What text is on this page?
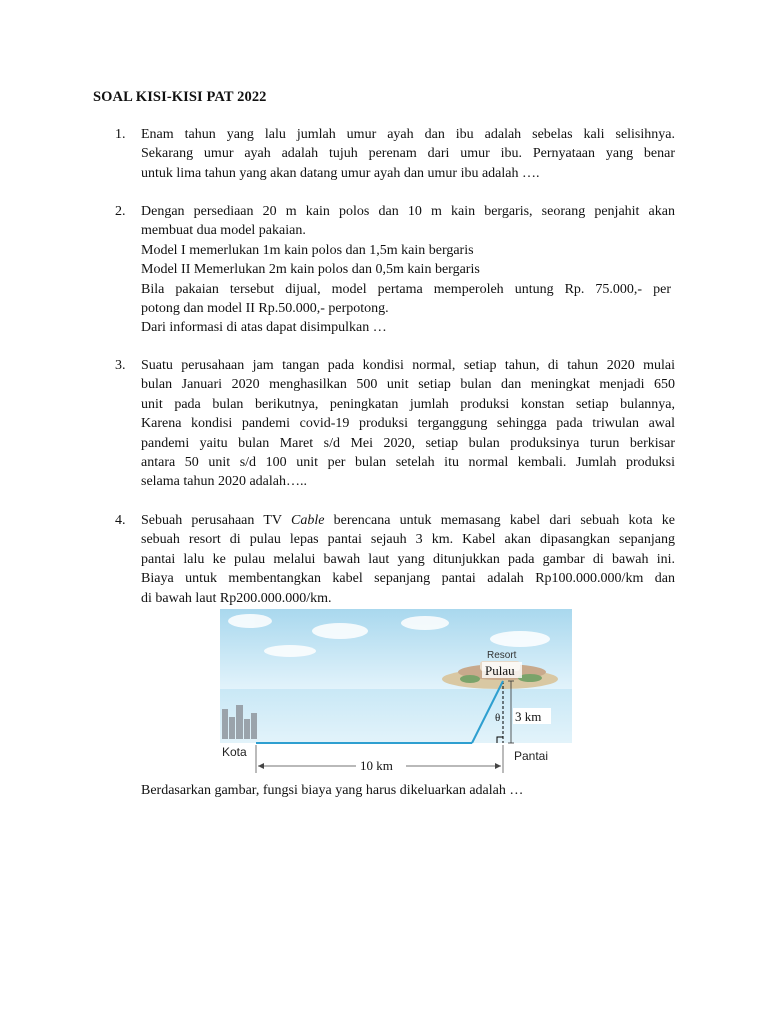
SOAL KISI-KISI PAT 2022
1. Enam tahun yang lalu jumlah umur ayah dan ibu adalah sebelas kali selisihnya.
Sekarang umur ayah adalah tujuh perenam dari umur ibu. Pernyataan yang benar
untuk lima tahun yang akan datang umur ayah dan umur ibu adalah ….
2. Dengan persediaan 20 m kain polos dan 10 m kain bergaris, seorang penjahit akan
membuat dua model pakaian.
Model I memerlukan 1m kain polos dan 1,5m kain bergaris
Model II Memerlukan 2m kain polos dan 0,5m kain bergaris
Bila pakaian tersebut dijual, model pertama memperoleh untung Rp. 75.000,- per
potong dan model II Rp.50.000,- perpotong.
Dari informasi di atas dapat disimpulkan …
3. Suatu perusahaan jam tangan pada kondisi normal, setiap tahun, di tahun 2020 mulai
bulan Januari 2020 menghasilkan 500 unit setiap bulan dan meningkat menjadi 650
unit pada bulan berikutnya, peningkatan jumlah produksi konstan setiap bulannya,
Karena kondisi pandemi covid-19 produksi terganggung sehingga pada triwulan awal
pandemi yaitu bulan Maret s/d Mei 2020, setiap bulan produksinya turun berkisar
antara 50 unit s/d 100 unit per bulan setelah itu normal kembali. Jumlah produksi
selama tahun 2020 adalah…..
4. Sebuah perusahaan TV Cable berencana untuk memasang kabel dari sebuah kota ke
sebuah resort di pulau lepas pantai sejauh 3 km. Kabel akan dipasangkan sepanjang
pantai lalu ke pulau melalui bawah laut yang ditunjukkan pada gambar di bawah ini.
Biaya untuk membentangkan kabel sepanjang pantai adalah Rp100.000.000/km dan
di bawah laut Rp200.000.000/km.
Resort
Pulau
θ 3 km
Kota	Pantai
10 km
Berdasarkan gambar, fungsi biaya yang harus dikeluarkan adalah …
